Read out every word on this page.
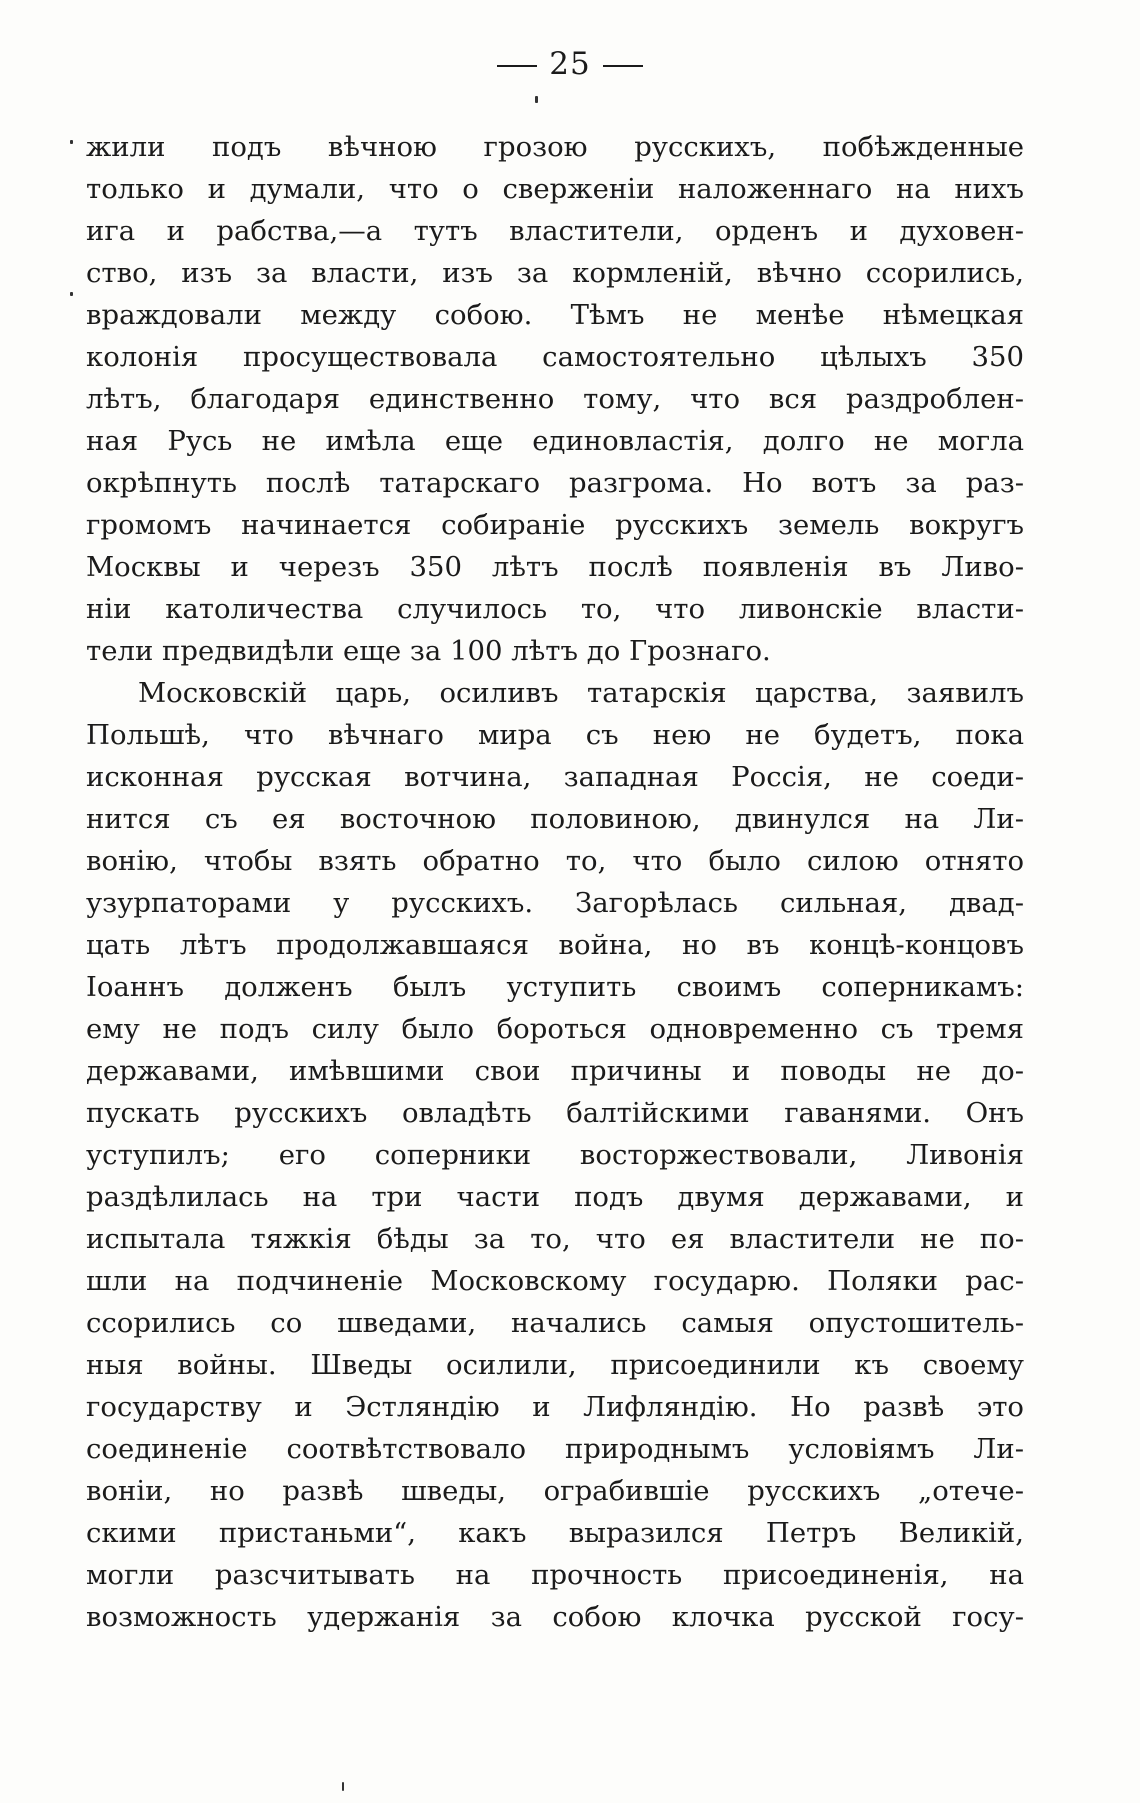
25
жили подъ вѣчною грозою русскихъ, побѣжденные
только и думали, что о сверженіи наложеннаго на нихъ
ига и рабства,—а тутъ властители, орденъ и духовен-
ство, изъ за власти, изъ за кормленій, вѣчно ссорились,
враждовали между собою. Тѣмъ не менѣе нѣмецкая
колонія просуществовала самостоятельно цѣлыхъ 350
лѣтъ, благодаря единственно тому, что вся раздроблен-
ная Русь не имѣла еще единовластія, долго не могла
окрѣпнуть послѣ татарскаго разгрома. Но вотъ за раз-
громомъ начинается собираніе русскихъ земель вокругъ
Москвы и черезъ 350 лѣтъ послѣ появленія въ Ливо-
ніи католичества случилось то, что ливонскіе власти-
тели предвидѣли еще за 100 лѣтъ до Грознаго.
Московскій царь, осиливъ татарскія царства, заявилъ
Польшѣ, что вѣчнаго мира съ нею не будетъ, пока
исконная русская вотчина, западная Россія, не соеди-
нится съ ея восточною половиною, двинулся на Ли-
вонію, чтобы взять обратно то, что было силою отнято
узурпаторами у русскихъ. Загорѣлась сильная, двад-
цать лѣтъ продолжавшаяся война, но въ концѣ-концовъ
Іоаннъ долженъ былъ уступить своимъ соперникамъ:
ему не подъ силу было бороться одновременно съ тремя
державами, имѣвшими свои причины и поводы не до-
пускать русскихъ овладѣть балтійскими гаванями. Онъ
уступилъ; его соперники восторжествовали, Ливонія
раздѣлилась на три части подъ двумя державами, и
испытала тяжкія бѣды за то, что ея властители не по-
шли на подчиненіе Московскому государю. Поляки рас-
ссорились со шведами, начались самыя опустошитель-
ныя войны. Шведы осилили, присоединили къ своему
государству и Эстляндію и Лифляндію. Но развѣ это
соединеніе соотвѣтствовало природнымъ условіямъ Ли-
воніи, но развѣ шведы, ограбившіе русскихъ „отече-
скими пристаньми“, какъ выразился Петръ Великій,
могли разсчитывать на прочность присоединенія, на
возможность удержанія за собою клочка русской госу-
